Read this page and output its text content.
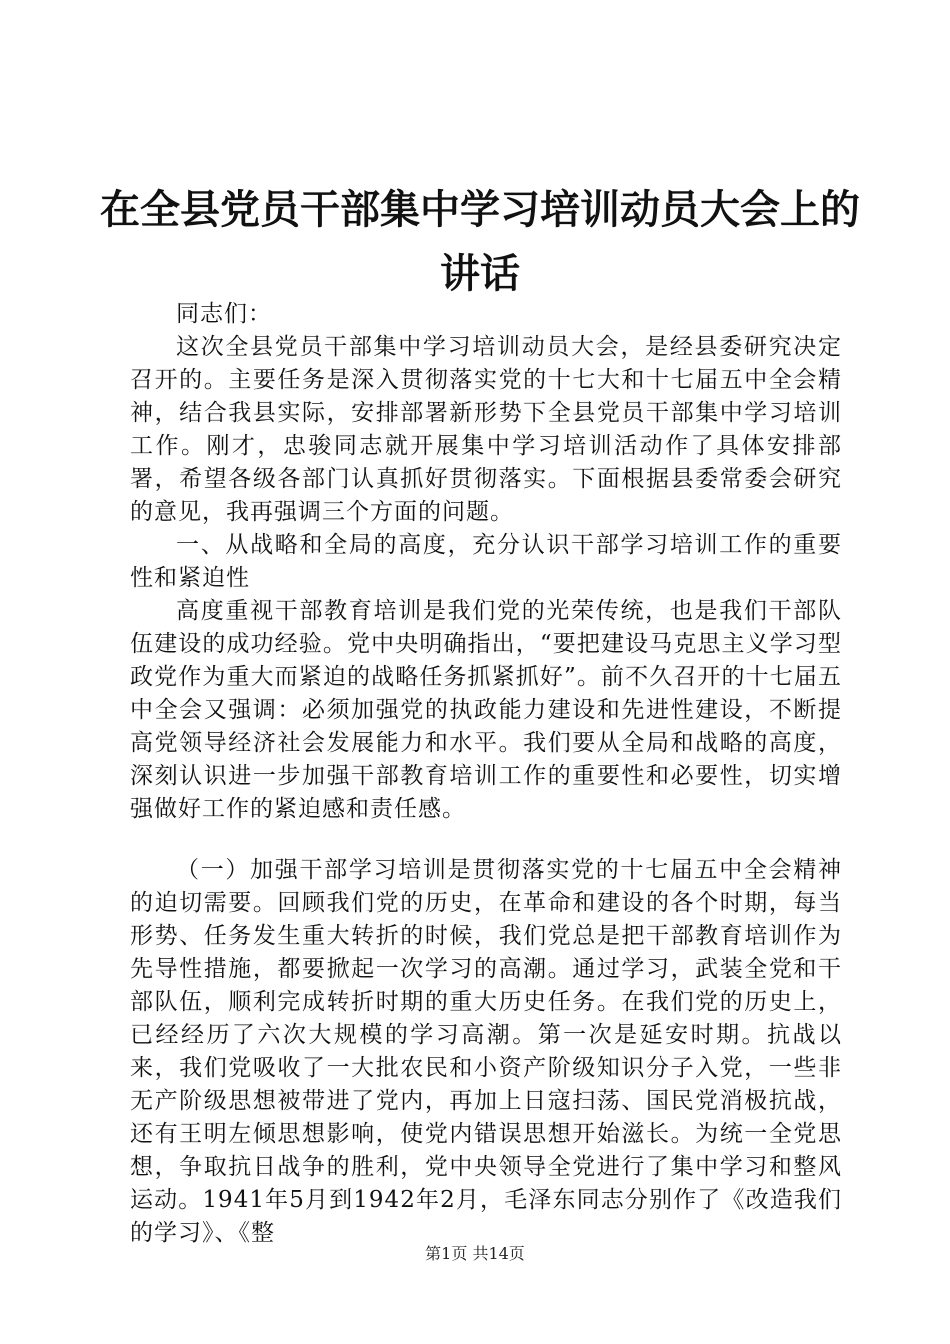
在全县党员干部集中学习培训动员大会上的讲话

同志们：

这次全县党员干部集中学习培训动员大会，是经县委研究决定召开的。主要任务是深入贯彻落实党的十七大和十七届五中全会精神，结合我县实际，安排部署新形势下全县党员干部集中学习培训工作。刚才，忠骏同志就开展集中学习培训活动作了具体安排部署，希望各级各部门认真抓好贯彻落实。下面根据县委常委会研究的意见，我再强调三个方面的问题。

一、从战略和全局的高度，充分认识干部学习培训工作的重要性和紧迫性

高度重视干部教育培训是我们党的光荣传统，也是我们干部队伍建设的成功经验。党中央明确指出，“要把建设马克思主义学习型政党作为重大而紧迫的战略任务抓紧抓好”。前不久召开的十七届五中全会又强调：必须加强党的执政能力建设和先进性建设，不断提高党领导经济社会发展能力和水平。我们要从全局和战略的高度，深刻认识进一步加强干部教育培训工作的重要性和必要性，切实增强做好工作的紧迫感和责任感。

（一）加强干部学习培训是贯彻落实党的十七届五中全会精神的迫切需要。回顾我们党的历史，在革命和建设的各个时期，每当形势、任务发生重大转折的时候，我们党总是把干部教育培训作为先导性措施，都要掀起一次学习的高潮。通过学习，武装全党和干部队伍，顺利完成转折时期的重大历史任务。在我们党的历史上，已经经历了六次大规模的学习高潮。第一次是延安时期。抗战以来，我们党吸收了一大批农民和小资产阶级知识分子入党，一些非无产阶级思想被带进了党内，再加上日寇扫荡、国民党消极抗战，还有王明左倾思想影响，使党内错误思想开始滋长。为统一全党思想，争取抗日战争的胜利，党中央领导全党进行了集中学习和整风运动。1941年5月到1942年2月，毛泽东同志分别作了《改造我们的学习》、《整

第1页 共14页
